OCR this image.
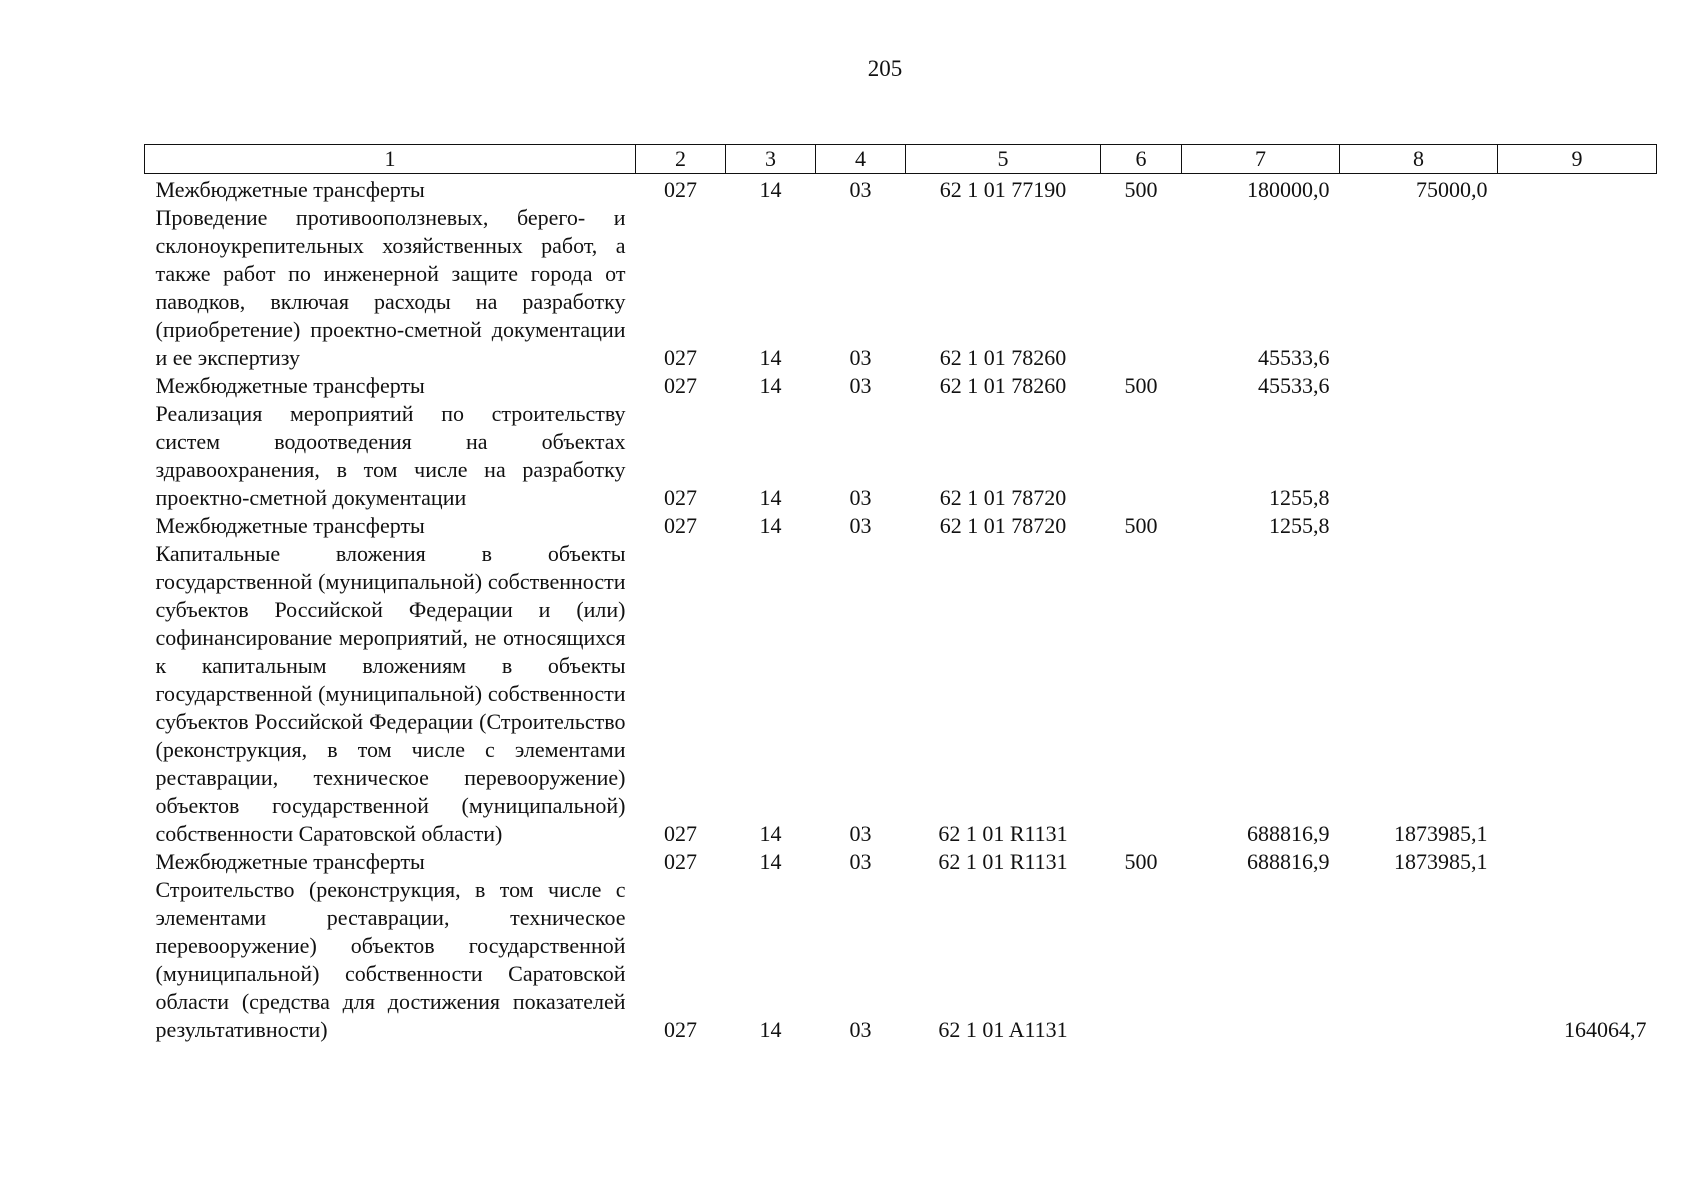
205
1	2	3	4	5	6	7	8	9
Межбюджетные трансферты	027	14	03	62 1 01 77190	500	180000,0	75000,0	
Проведение противооползневых, берего- и склоноукрепительных хозяйственных работ, а также работ по инженерной защите города от паводков, включая расходы на разработку (приобретение) проектно-сметной документации и ее экспертизу	027	14	03	62 1 01 78260		45533,6		
Межбюджетные трансферты	027	14	03	62 1 01 78260	500	45533,6		
Реализация мероприятий по строительству систем водоотведения на объектах здравоохранения, в том числе на разработку проектно-сметной документации	027	14	03	62 1 01 78720		1255,8		
Межбюджетные трансферты	027	14	03	62 1 01 78720	500	1255,8		
Капитальные вложения в объекты государственной (муниципальной) собственности субъектов Российской Федерации и (или) софинансирование мероприятий, не относящихся к капитальным вложениям в объекты государственной (муниципальной) собственности субъектов Российской Федерации (Строительство (реконструкция, в том числе с элементами реставрации, техническое перевооружение) объектов государственной (муниципальной) собственности Саратовской области)	027	14	03	62 1 01 R1131		688816,9	1873985,1	
Межбюджетные трансферты	027	14	03	62 1 01 R1131	500	688816,9	1873985,1	
Строительство (реконструкция, в том числе с элементами реставрации, техническое перевооружение) объектов государственной (муниципальной) собственности Саратовской области (средства для достижения показателей результативности)	027	14	03	62 1 01 A1131				164064,7
